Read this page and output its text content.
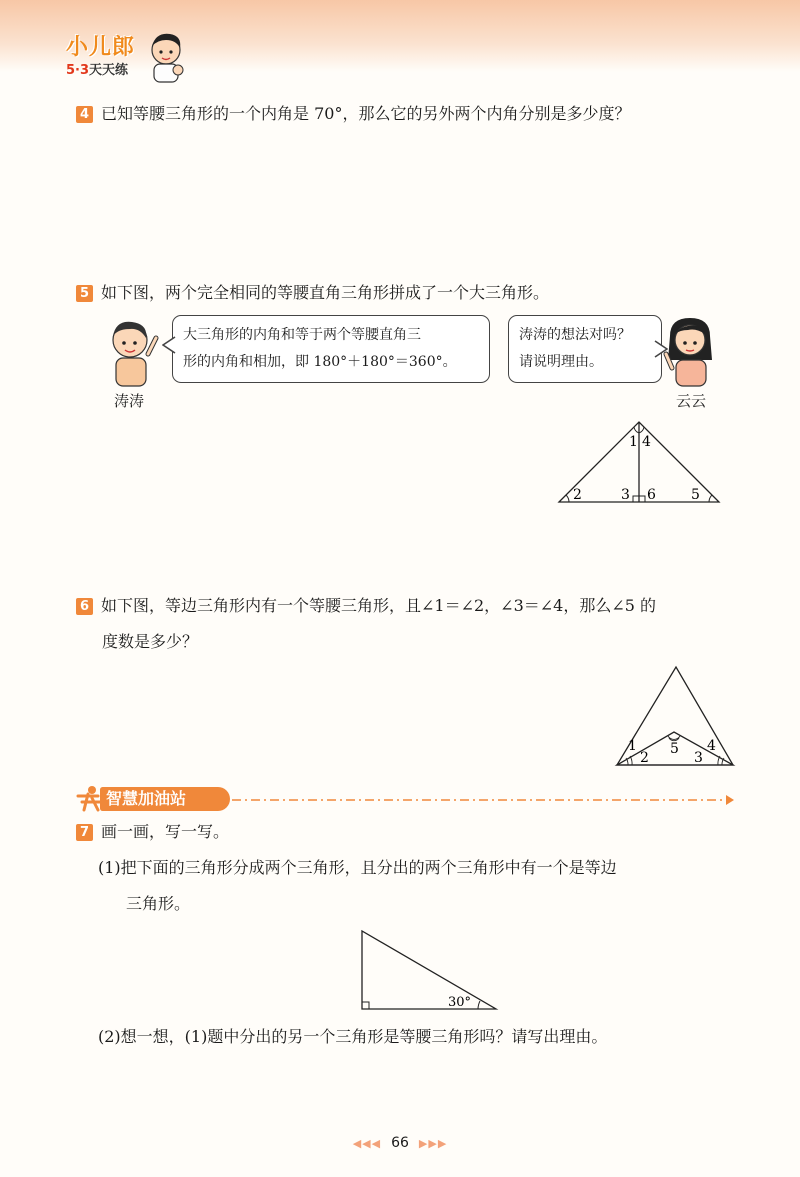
小儿郎
5·3天天练
4 已知等腰三角形的一个内角是 70°，那么它的另外两个内角分别是多少度？
5 如下图，两个完全相同的等腰直角三角形拼成了一个大三角形。
涛涛
大三角形的内角和等于两个等腰直角三
形的内角和相加，即 180°＋180°＝360°。
涛涛的想法对吗？
请说明理由。
云云
1 4
2	3 6	5
6 如下图，等边三角形内有一个等腰三角形，且∠1＝∠2，∠3＝∠4，那么∠5 的
度数是多少？
1
2
5 4
3
智慧加油站
7 画一画，写一写。
(1)把下面的三角形分成两个三角形，且分出的两个三角形中有一个是等边
三角形。
30°
(2)想一想，(1)题中分出的另一个三角形是等腰三角形吗？请写出理由。
◀◀◀ 66 ▶▶▶
